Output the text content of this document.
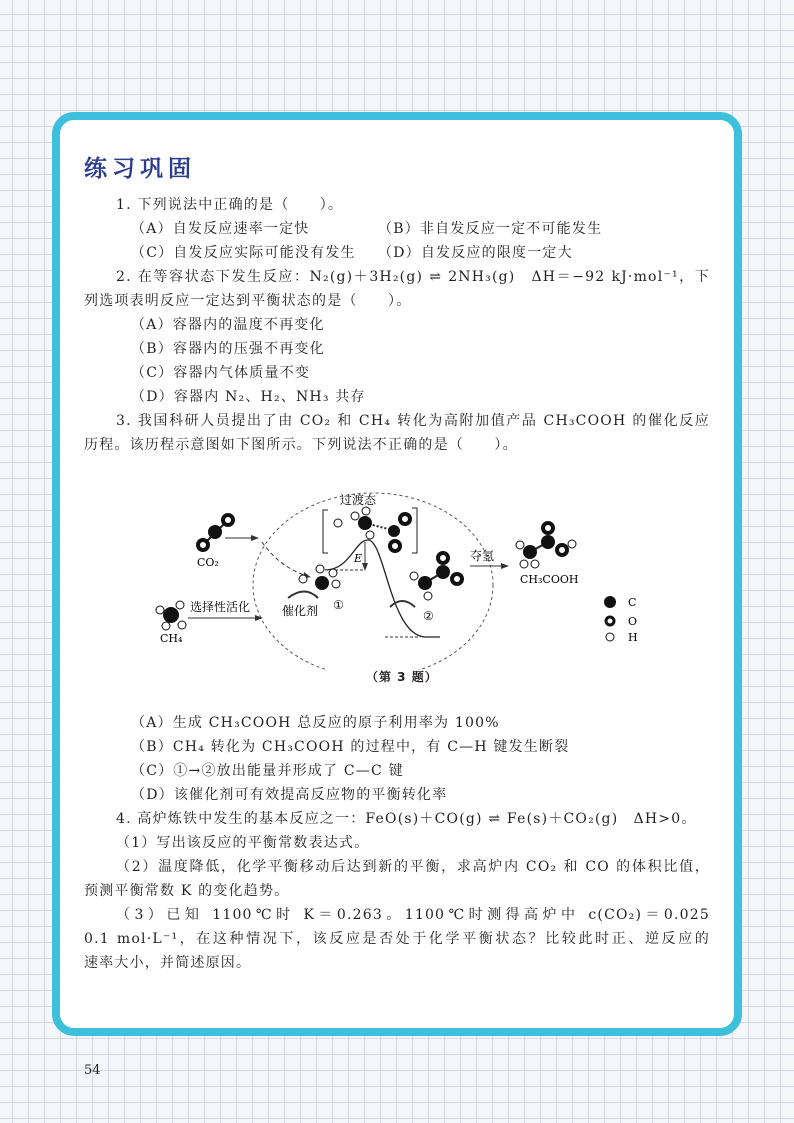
练习巩固
1. 下列说法中正确的是（　　）。
（A）自发反应速率一定快	（B）非自发反应一定不可能发生
（C）自发反应实际可能没有发生 （D）自发反应的限度一定大
2. 在等容状态下发生反应：N₂(g)＋3H₂(g) ⇌ 2NH₃(g)　ΔH＝−92 kJ·mol⁻¹，下
列选项表明反应一定达到平衡状态的是（　　）。
（A）容器内的温度不再变化
（B）容器内的压强不再变化
（C）容器内气体质量不变
（D）容器内 N₂、H₂、NH₃ 共存
3. 我国科研人员提出了由 CO₂ 和 CH₄ 转化为高附加值产品 CH₃COOH 的催化反应
历程。该历程示意图如下图所示。下列说法不正确的是（　　）。
CO₂
CH₄
选择性活化
E
过渡态
催化剂 ①
②
夺氢
CH₃COOH
C
O
H
（第 3 题）
（A）生成 CH₃COOH 总反应的原子利用率为 100%
（B）CH₄ 转化为 CH₃COOH 的过程中，有 C—H 键发生断裂
（C）①→②放出能量并形成了 C—C 键
（D）该催化剂可有效提高反应物的平衡转化率
4. 高炉炼铁中发生的基本反应之一：FeO(s)＋CO(g) ⇌ Fe(s)＋CO₂(g)　ΔH>0。
（1）写出该反应的平衡常数表达式。
（2）温度降低，化学平衡移动后达到新的平衡，求高炉内 CO₂ 和 CO 的体积比值，
预测平衡常数 K 的变化趋势。
（3）已知 1100℃时 K＝0.263。1100℃时测得高炉中 c(CO₂)＝0.025
0.1 mol·L⁻¹，在这种情况下，该反应是否处于化学平衡状态？比较此时正、逆反应的
速率大小，并简述原因。
54
